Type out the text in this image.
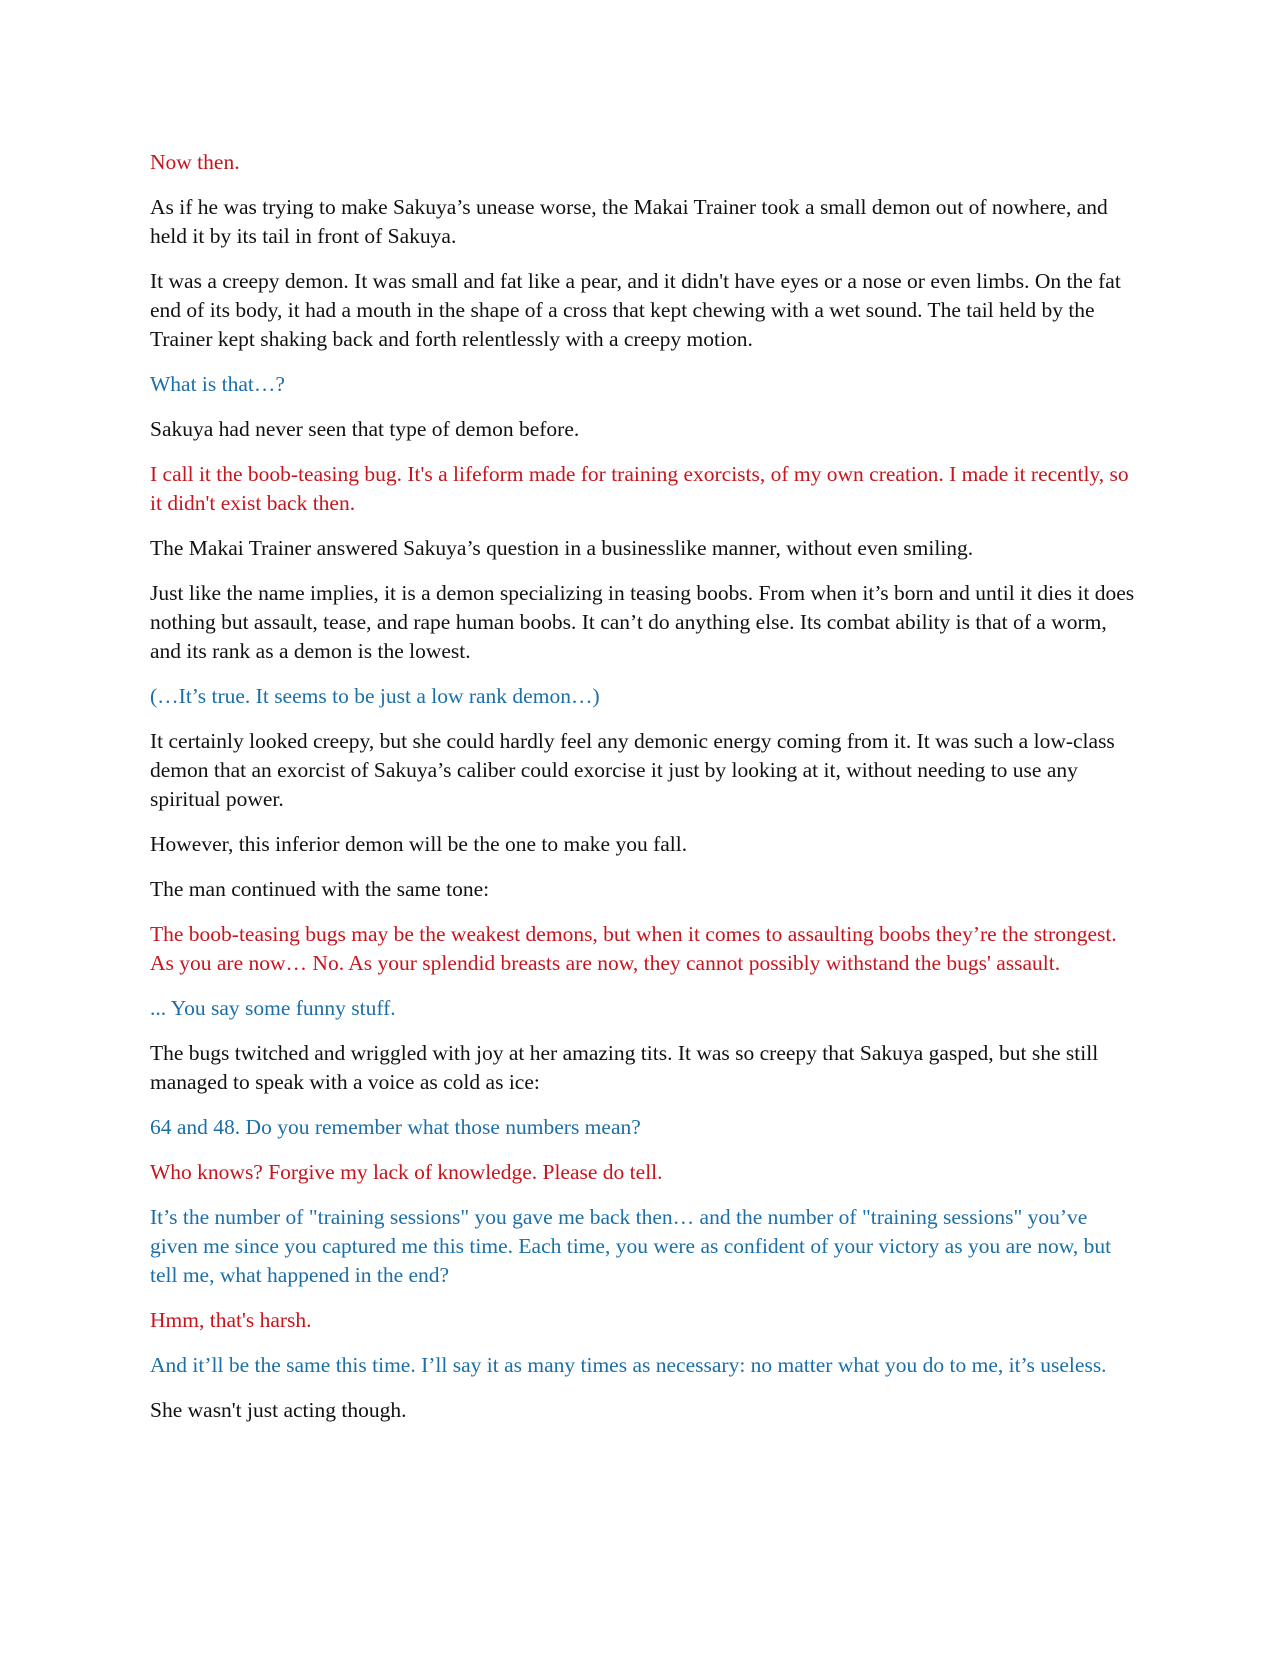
Now then.

As if he was trying to make Sakuya’s unease worse, the Makai Trainer took a small demon out of nowhere, and held it by its tail in front of Sakuya.

It was a creepy demon. It was small and fat like a pear, and it didn't have eyes or a nose or even limbs. On the fat end of its body, it had a mouth in the shape of a cross that kept chewing with a wet sound. The tail held by the Trainer kept shaking back and forth relentlessly with a creepy motion.

What is that…?

Sakuya had never seen that type of demon before.

I call it the boob-teasing bug. It's a lifeform made for training exorcists, of my own creation. I made it recently, so it didn't exist back then.

The Makai Trainer answered Sakuya’s question in a businesslike manner, without even smiling.

Just like the name implies, it is a demon specializing in teasing boobs. From when it’s born and until it dies it does nothing but assault, tease, and rape human boobs. It can’t do anything else. Its combat ability is that of a worm, and its rank as a demon is the lowest.

(…It’s true. It seems to be just a low rank demon…)

It certainly looked creepy, but she could hardly feel any demonic energy coming from it. It was such a low-class demon that an exorcist of Sakuya’s caliber could exorcise it just by looking at it, without needing to use any spiritual power.

However, this inferior demon will be the one to make you fall.

The man continued with the same tone:

The boob-teasing bugs may be the weakest demons, but when it comes to assaulting boobs they’re the strongest. As you are now… No. As your splendid breasts are now, they cannot possibly withstand the bugs' assault.

... You say some funny stuff.

The bugs twitched and wriggled with joy at her amazing tits. It was so creepy that Sakuya gasped, but she still managed to speak with a voice as cold as ice:

64 and 48. Do you remember what those numbers mean?

Who knows? Forgive my lack of knowledge. Please do tell.

It’s the number of "training sessions" you gave me back then… and the number of "training sessions" you’ve given me since you captured me this time. Each time, you were as confident of your victory as you are now, but tell me, what happened in the end?

Hmm, that's harsh.

And it’ll be the same this time. I’ll say it as many times as necessary: no matter what you do to me, it’s useless.

She wasn't just acting though.
